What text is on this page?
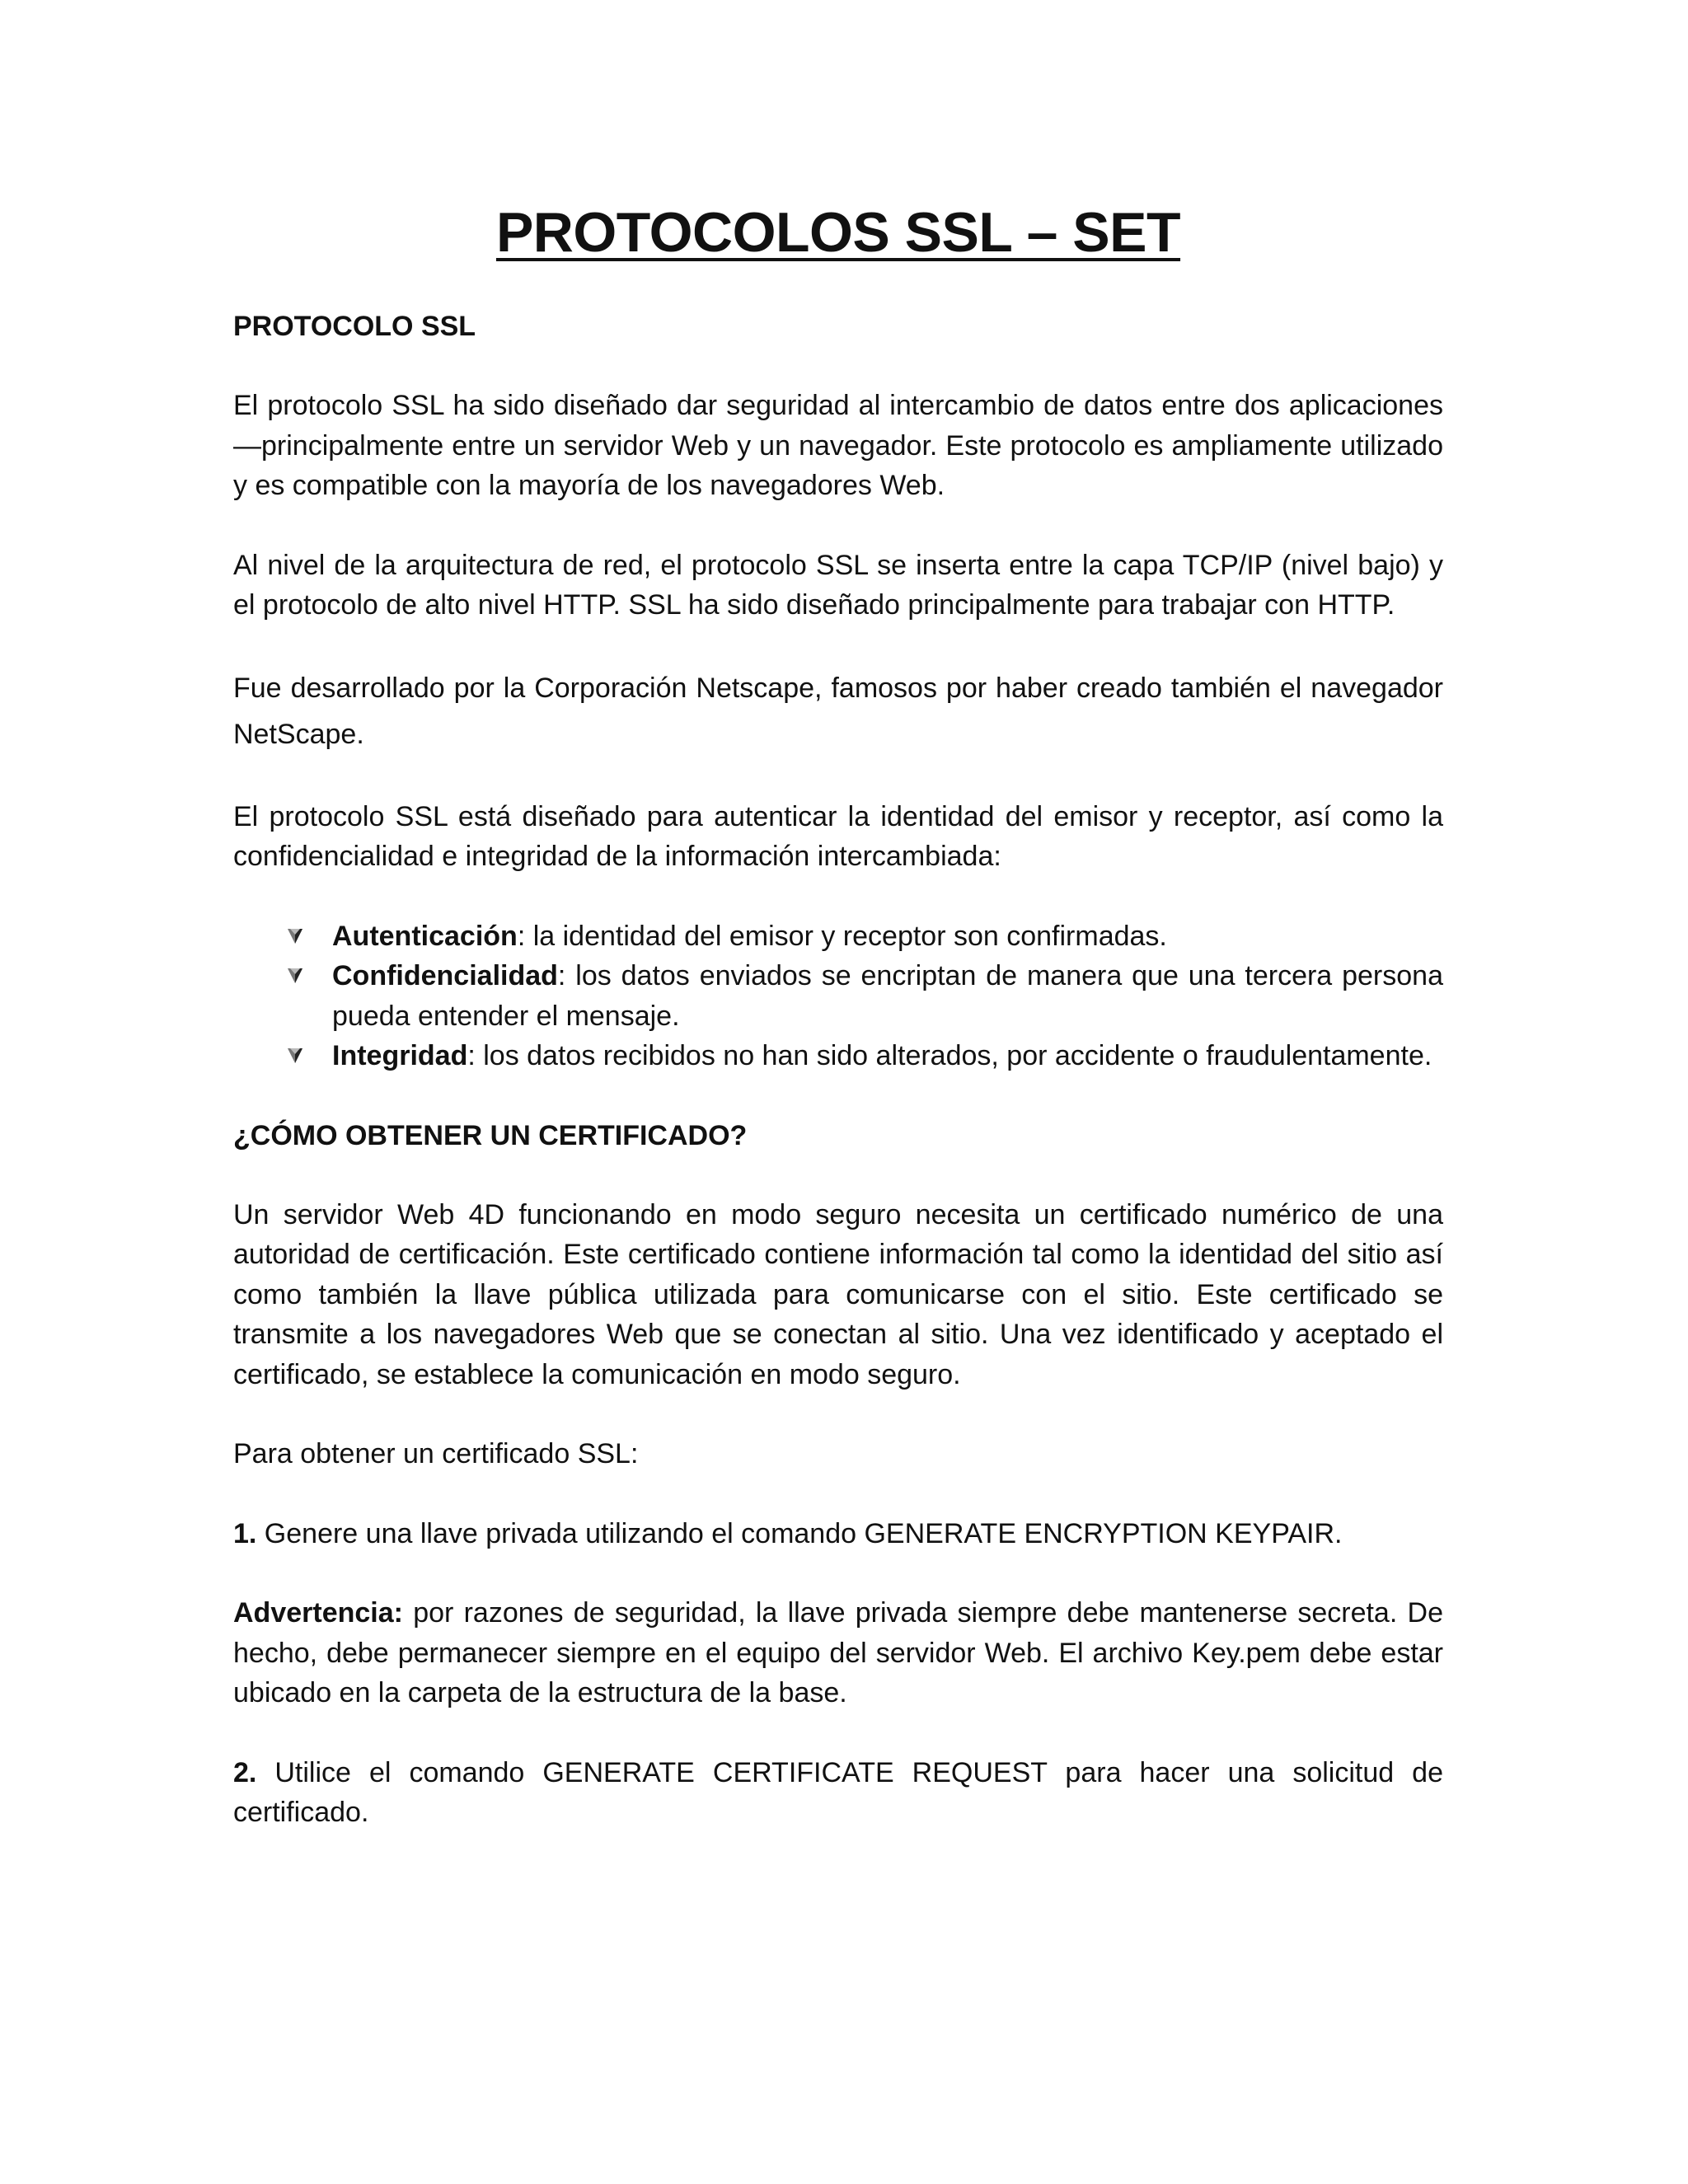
PROTOCOLOS SSL – SET
PROTOCOLO SSL

El protocolo SSL ha sido diseñado dar seguridad al intercambio de datos entre dos aplicaciones —principalmente entre un servidor Web y un navegador. Este protocolo es ampliamente utilizado y es compatible con la mayoría de los navegadores Web.

Al nivel de la arquitectura de red, el protocolo SSL se inserta entre la capa TCP/IP (nivel bajo) y el protocolo de alto nivel HTTP. SSL ha sido diseñado principalmente para trabajar con HTTP.

Fue desarrollado por la Corporación Netscape, famosos por haber creado también el navegador NetScape.

El protocolo SSL está diseñado para autenticar la identidad del emisor y receptor, así como la confidencialidad e integridad de la información intercambiada:

Autenticación: la identidad del emisor y receptor son confirmadas.
Confidencialidad: los datos enviados se encriptan de manera que una tercera persona pueda entender el mensaje.
Integridad: los datos recibidos no han sido alterados, por accidente o fraudulentamente.
¿CÓMO OBTENER UN CERTIFICADO?

Un servidor Web 4D funcionando en modo seguro necesita un certificado numérico de una autoridad de certificación. Este certificado contiene información tal como la identidad del sitio así como también la llave pública utilizada para comunicarse con el sitio. Este certificado se transmite a los navegadores Web que se conectan al sitio. Una vez identificado y aceptado el certificado, se establece la comunicación en modo seguro.

Para obtener un certificado SSL:

1. Genere una llave privada utilizando el comando GENERATE ENCRYPTION KEYPAIR.

Advertencia: por razones de seguridad, la llave privada siempre debe mantenerse secreta. De hecho, debe permanecer siempre en el equipo del servidor Web. El archivo Key.pem debe estar ubicado en la carpeta de la estructura de la base.

2. Utilice el comando GENERATE CERTIFICATE REQUEST para hacer una solicitud de certificado.
